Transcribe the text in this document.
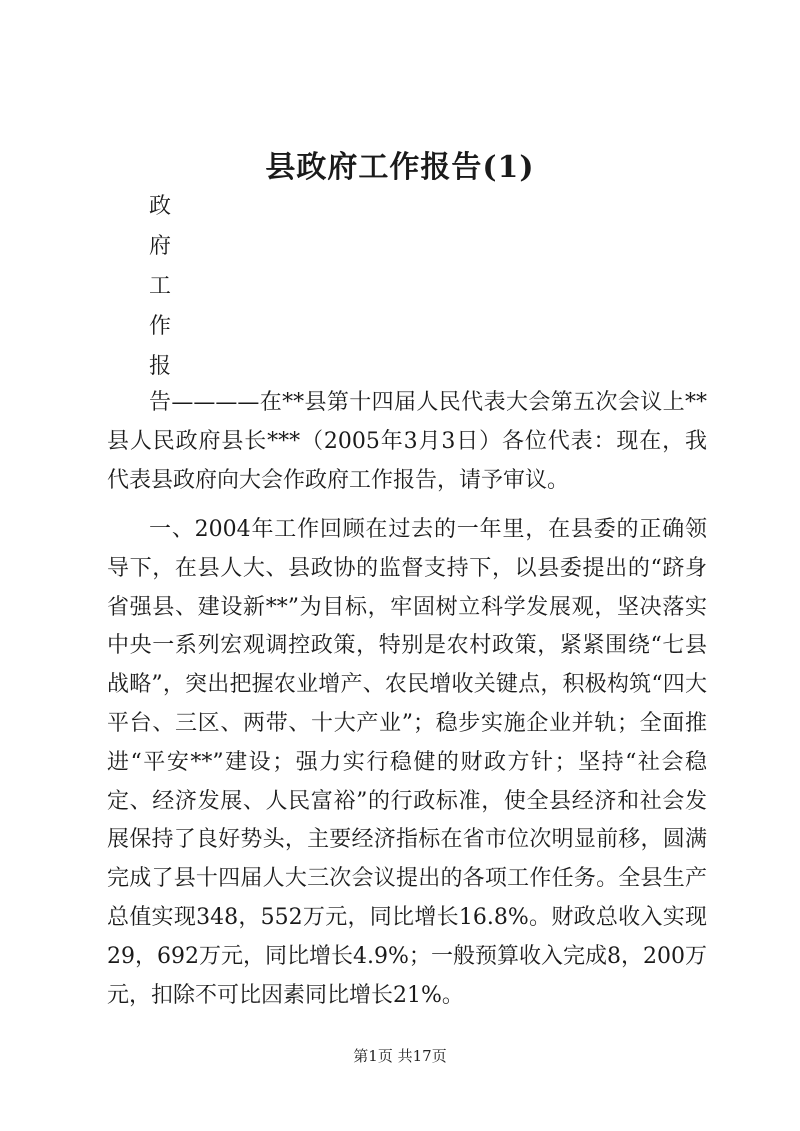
县政府工作报告(1)
政
府
工
作
报

告————在**县第十四届人民代表大会第五次会议上**县人民政府县长***（2005年3月3日）各位代表：现在，我代表县政府向大会作政府工作报告，请予审议。

一、2004年工作回顾在过去的一年里，在县委的正确领导下，在县人大、县政协的监督支持下，以县委提出的“跻身省强县、建设新**”为目标，牢固树立科学发展观，坚决落实中央一系列宏观调控政策，特别是农村政策，紧紧围绕“七县战略”，突出把握农业增产、农民增收关键点，积极构筑“四大平台、三区、两带、十大产业”；稳步实施企业并轨；全面推进“平安**”建设；强力实行稳健的财政方针；坚持“社会稳定、经济发展、人民富裕”的行政标准，使全县经济和社会发展保持了良好势头，主要经济指标在省市位次明显前移，圆满完成了县十四届人大三次会议提出的各项工作任务。全县生产总值实现348，552万元，同比增长16.8%。财政总收入实现29，692万元，同比增长4.9%；一般预算收入完成8，200万元，扣除不可比因素同比增长21%。

第1页 共17页
